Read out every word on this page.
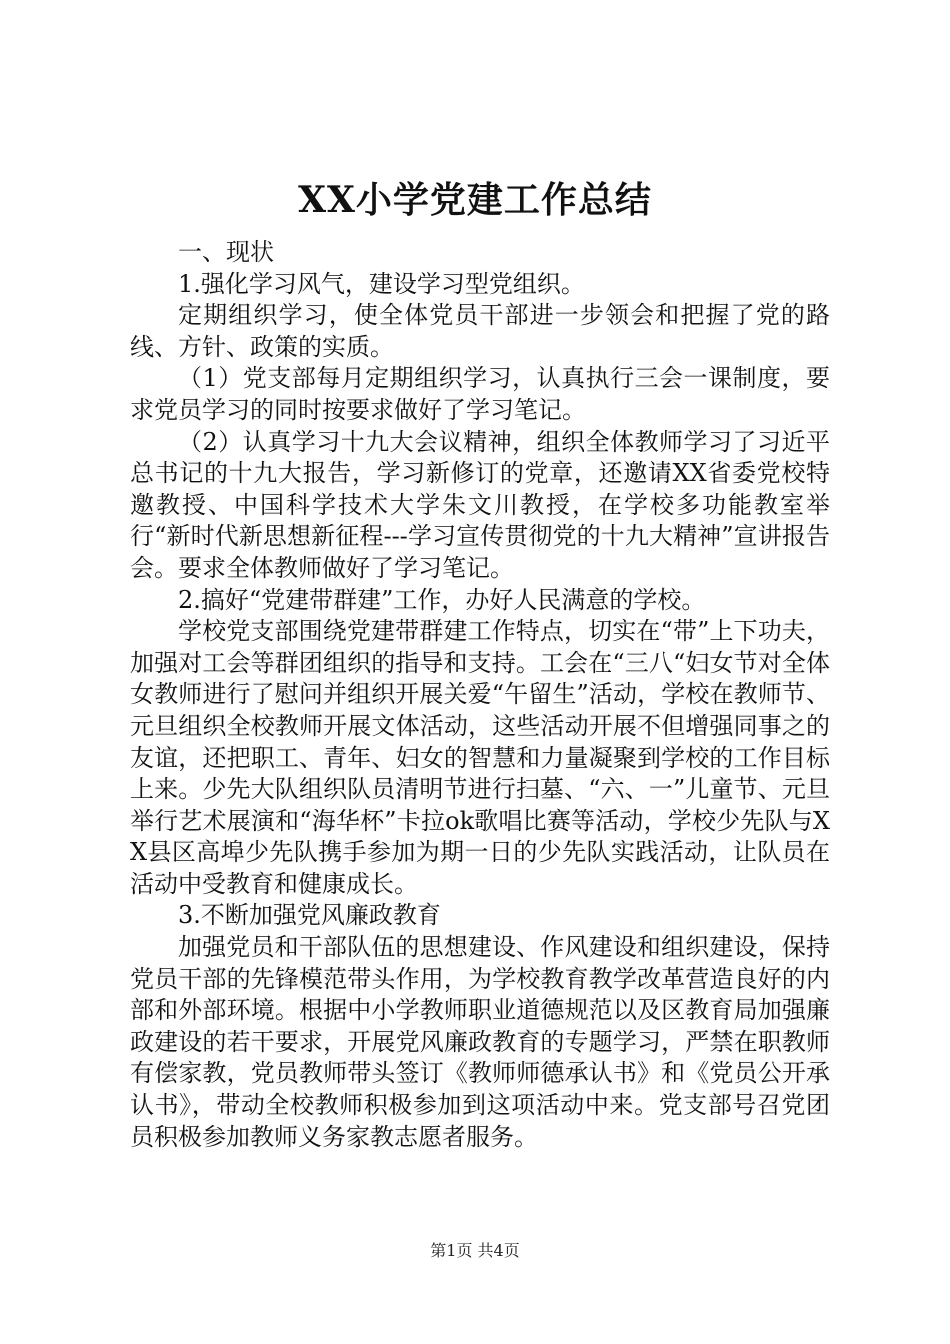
XX小学党建工作总结

一、现状

1.强化学习风气，建设学习型党组织。

定期组织学习，使全体党员干部进一步领会和把握了党的路线、方针、政策的实质。

（1）党支部每月定期组织学习，认真执行三会一课制度，要求党员学习的同时按要求做好了学习笔记。

（2）认真学习十九大会议精神，组织全体教师学习了习近平总书记的十九大报告，学习新修订的党章，还邀请XX省委党校特邀教授、中国科学技术大学朱文川教授，在学校多功能教室举行“新时代新思想新征程---学习宣传贯彻党的十九大精神”宣讲报告会。要求全体教师做好了学习笔记。

2.搞好“党建带群建”工作，办好人民满意的学校。

学校党支部围绕党建带群建工作特点，切实在“带”上下功夫，加强对工会等群团组织的指导和支持。工会在“三八“妇女节对全体女教师进行了慰问并组织开展关爱“午留生”活动，学校在教师节、元旦组织全校教师开展文体活动，这些活动开展不但增强同事之的友谊，还把职工、青年、妇女的智慧和力量凝聚到学校的工作目标上来。少先大队组织队员清明节进行扫墓、“六、一”儿童节、元旦举行艺术展演和“海华杯”卡拉ok歌唱比赛等活动，学校少先队与XX县区高埠少先队携手参加为期一日的少先队实践活动，让队员在活动中受教育和健康成长。

3.不断加强党风廉政教育

加强党员和干部队伍的思想建设、作风建设和组织建设，保持党员干部的先锋模范带头作用，为学校教育教学改革营造良好的内部和外部环境。根据中小学教师职业道德规范以及区教育局加强廉政建设的若干要求，开展党风廉政教育的专题学习，严禁在职教师有偿家教，党员教师带头签订《教师师德承认书》和《党员公开承认书》，带动全校教师积极参加到这项活动中来。党支部号召党团员积极参加教师义务家教志愿者服务。

第1页 共4页
